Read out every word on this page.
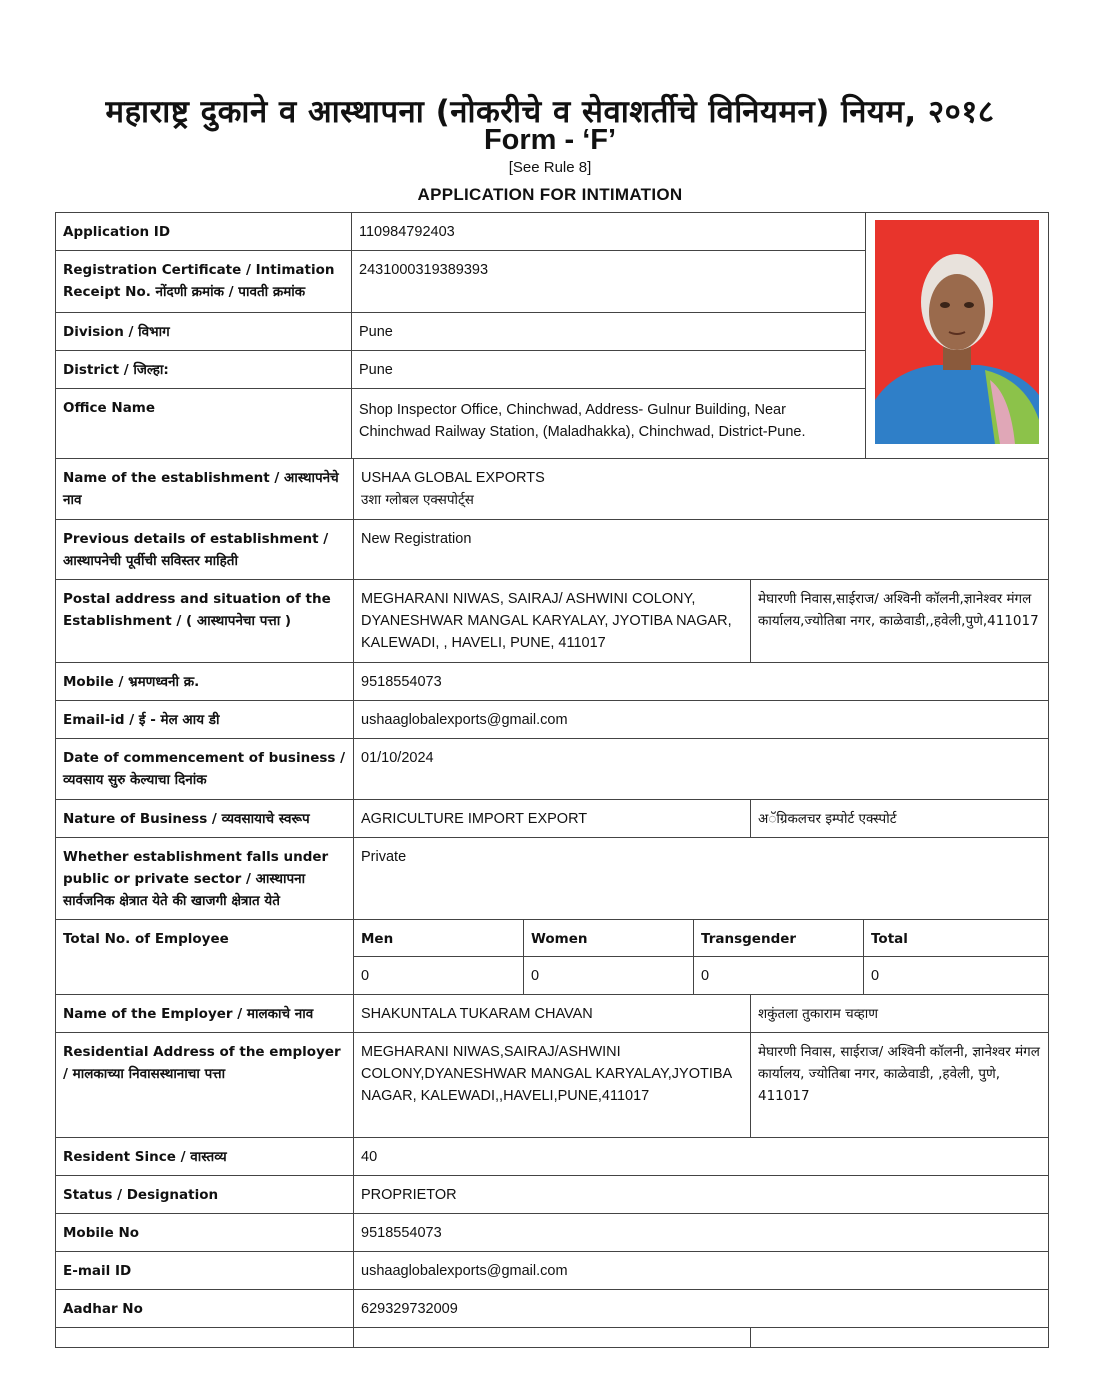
महाराष्ट्र दुकाने व आस्थापना (नोकरीचे व सेवाशर्तीचे विनियमन) नियम, २०१८
Form - ‘F’
[See Rule 8]
APPLICATION FOR INTIMATION
Application ID	110984792403	

Registration Certificate / Intimation Receipt No. नोंदणी क्रमांक / पावती क्रमांक	2431000319389393	
Division / विभाग	Pune	
District / जिल्हा:	Pune	
Office Name	Shop Inspector Office, Chinchwad, Address- Gulnur Building, Near Chinchwad Railway Station, (Maladhakka), Chinchwad, District-Pune.	
Name of the establishment / आस्थापनेचे नाव	USHAA GLOBAL EXPORTS
उशा ग्लोबल एक्सपोर्ट्स				

Previous details of establishment / आस्थापनेची पूर्वीची सविस्तर माहिती	New Registration				
Postal address and situation of the Establishment / ( आस्थापनेचा पत्ता )	MEGHARANI NIWAS, SAIRAJ/ ASHWINI COLONY, DYANESHWAR MANGAL KARYALAY, JYOTIBA NAGAR, KALEWADI, , HAVELI, PUNE, 411017			मेघारणी निवास,साईराज/ अश्विनी कॉलनी,ज्ञानेश्वर मंगल कार्यालय,ज्योतिबा नगर, काळेवाडी,,हवेली,पुणे,411017	
Mobile / भ्रमणध्वनी क्र.	9518554073				
Email-id / ई - मेल आय डी	ushaaglobalexports@gmail.com				
Date of commencement of business / व्यवसाय सुरु केल्याचा दिनांक	01/10/2024				
Nature of Business / व्यवसायाचे स्वरूप	AGRICULTURE IMPORT EXPORT			अॅग्रिकलचर इम्पोर्ट एक्स्पोर्ट	
Whether establishment falls under public or private sector / आस्थापना सार्वजनिक क्षेत्रात येते की खाजगी क्षेत्रात येते	Private				
Total No. of Employee	Men	Women	Transgender		Total
	0	0	0		0
Name of the Employer / मालकाचे नाव	SHAKUNTALA TUKARAM CHAVAN			शकुंतला तुकाराम चव्हाण	
Residential Address of the employer / मालकाच्या निवासस्थानाचा पत्ता	MEGHARANI NIWAS,SAIRAJ/ASHWINI COLONY,DYANESHWAR MANGAL KARYALAY,JYOTIBA NAGAR, KALEWADI,,HAVELI,PUNE,411017			मेघारणी निवास, साईराज/ अश्विनी कॉलनी, ज्ञानेश्वर मंगल कार्यालय, ज्योतिबा नगर, काळेवाडी, ,हवेली, पुणे, 411017	
Resident Since / वास्तव्य	40				
Status / Designation	PROPRIETOR				
Mobile No	9518554073				
E-mail ID	ushaaglobalexports@gmail.com				
Aadhar No	629329732009				
